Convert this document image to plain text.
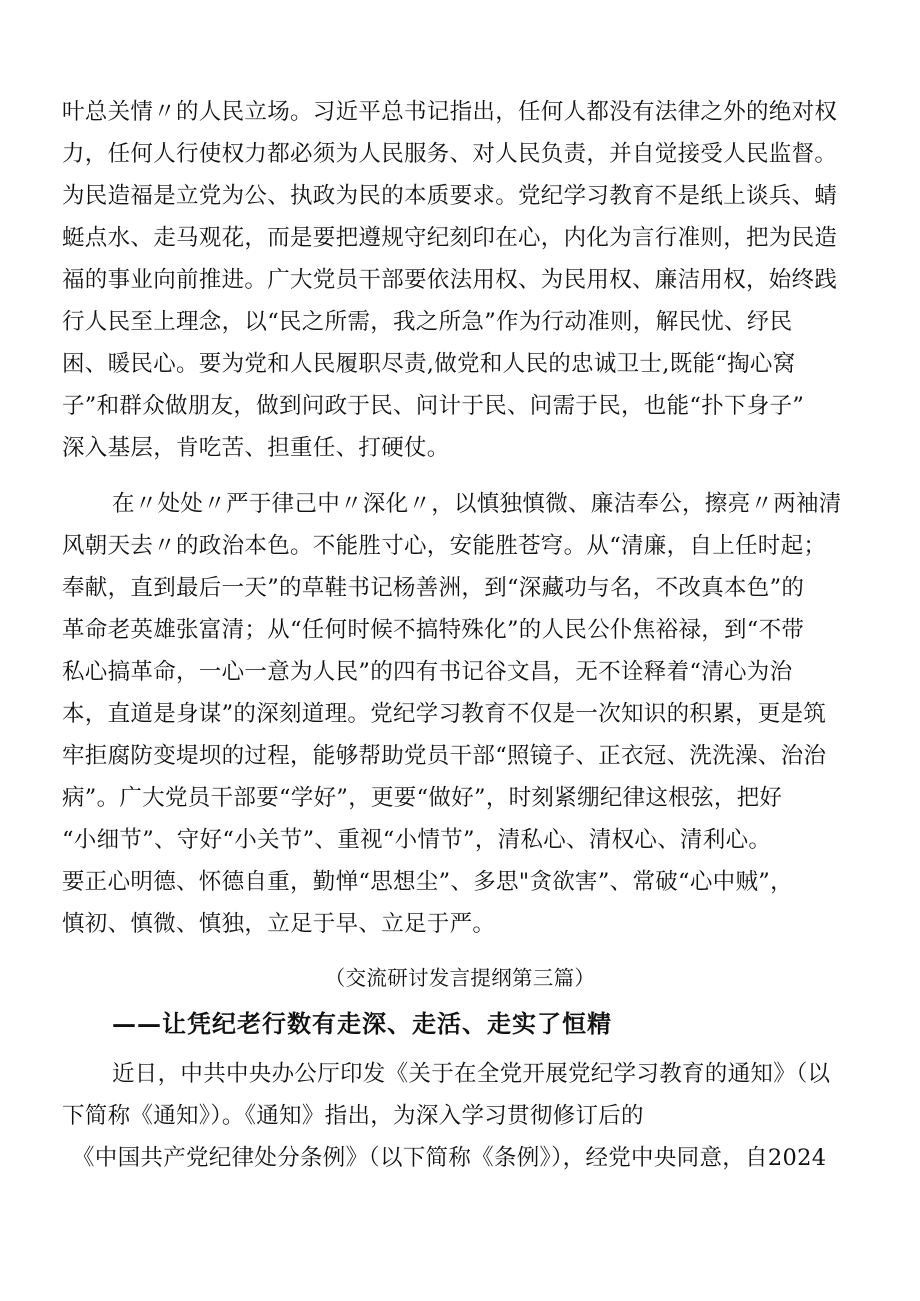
叶总关情〃的人民立场。习近平总书记指出，任何人都没有法律之外的绝对权
力，任何人行使权力都必须为人民服务、对人民负责，并自觉接受人民监督。
为民造福是立党为公、执政为民的本质要求。党纪学习教育不是纸上谈兵、蜻
蜓点水、走马观花，而是要把遵规守纪刻印在心，内化为言行准则，把为民造
福的事业向前推进。广大党员干部要依法用权、为民用权、廉洁用权，始终践
行人民至上理念，以“民之所需，我之所急”作为行动准则，解民忧、纾民
困、暖民心。要为党和人民履职尽责,做党和人民的忠诚卫士,既能“掏心窝
子”和群众做朋友，做到问政于民、问计于民、问需于民，也能“扑下身子”
深入基层，肯吃苦、担重任、打硬仗。
在〃处处〃严于律己中〃深化〃，以慎独慎微、廉洁奉公，擦亮〃两袖清
风朝天去〃的政治本色。不能胜寸心，安能胜苍穹。从“清廉，自上任时起；
奉献，直到最后一天”的草鞋书记杨善洲，到“深藏功与名，不改真本色”的
革命老英雄张富清；从“任何时候不搞特殊化”的人民公仆焦裕禄，到“不带
私心搞革命，一心一意为人民”的四有书记谷文昌，无不诠释着“清心为治
本，直道是身谋”的深刻道理。党纪学习教育不仅是一次知识的积累，更是筑
牢拒腐防变堤坝的过程，能够帮助党员干部“照镜子、正衣冠、洗洗澡、治治
病”。广大党员干部要“学好”，更要“做好”，时刻紧绷纪律这根弦，把好
“小细节”、守好“小关节”、重视“小情节”，清私心、清权心、清利心。
要正心明德、怀德自重，勤惮“思想尘”、多思"贪欲害”、常破“心中贼”，
慎初、慎微、慎独，立足于早、立足于严。
（交流研讨发言提纲第三篇）
——让凭纪老行数有走深、走活、走实了恒精
近日，中共中央办公厅印发《关于在全党开展党纪学习教育的通知》（以
下简称《通知》）。《通知》指出，为深入学习贯彻修订后的
《中国共产党纪律处分条例》（以下简称《条例》），经党中央同意，自2024
